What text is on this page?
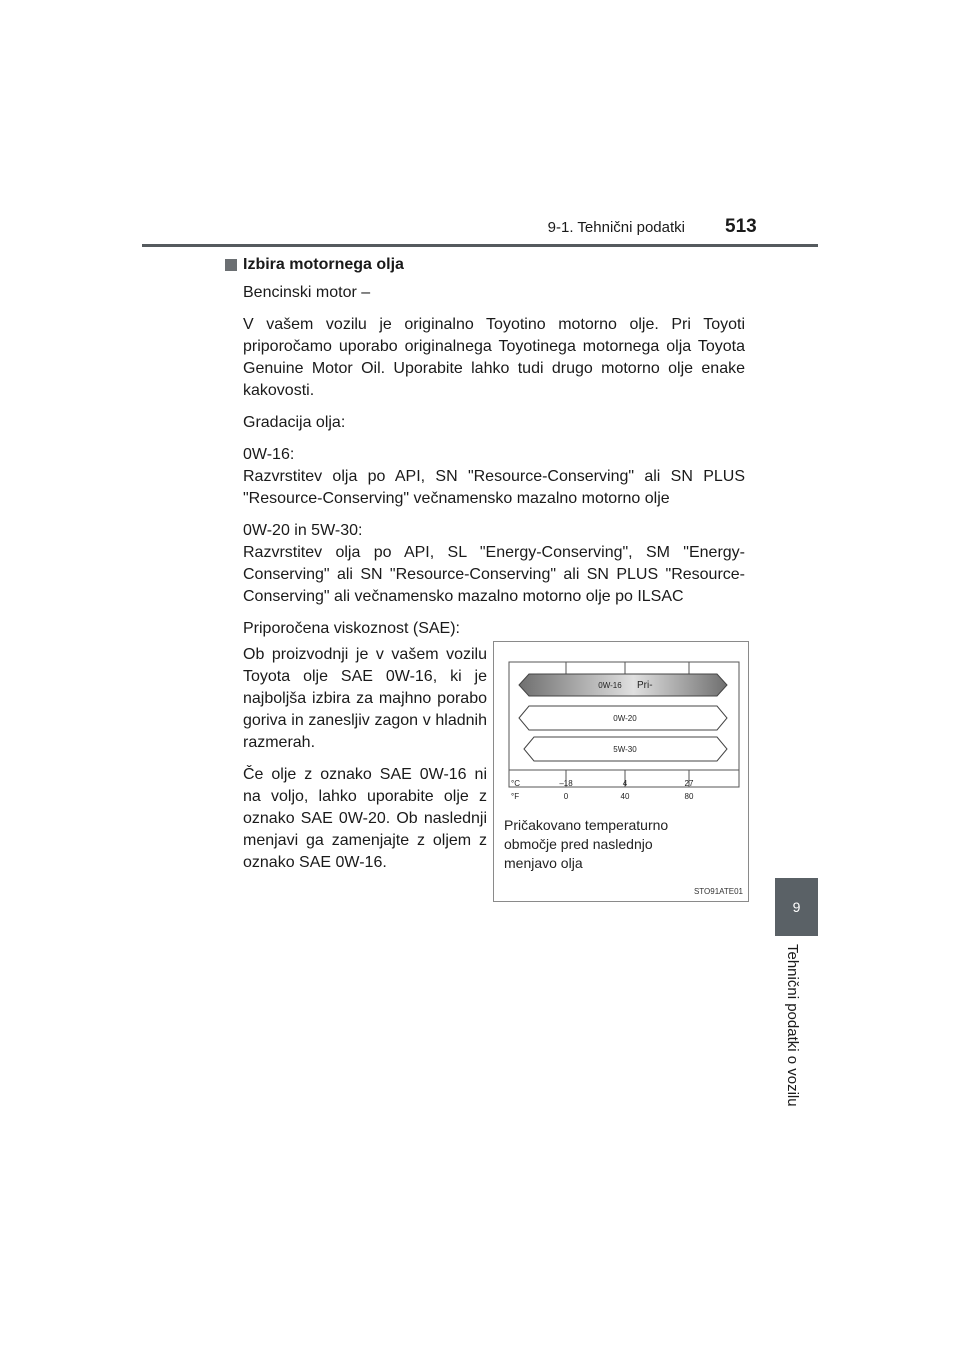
9-1. Tehnični podatki 513
9
Tehnični podatki o vozilu
Izbira motornega olja

Bencinski motor –

V vašem vozilu je originalno Toyotino motorno olje. Pri Toyoti priporočamo uporabo originalnega Toyotinega motornega olja Toyota Genuine Motor Oil. Uporabite lahko tudi drugo motorno olje enake kakovosti.

Gradacija olja:

0W-16:

Razvrstitev olja po API, SN "Resource-Conserving" ali SN PLUS "Resource-Conserving" večnamensko mazalno motorno olje

0W-20 in 5W-30:

Razvrstitev olja po API, SL "Energy-Conserving", SM "Energy-Conserving" ali SN "Resource-Conserving" ali SN PLUS "Resource-Conserving" ali večnamensko mazalno motorno olje po ILSAC

Priporočena viskoznost (SAE):

Ob proizvodnji je v vašem vozilu Toyota olje SAE 0W-16, ki je najboljša izbira za majhno porabo goriva in zanesljiv zagon v hladnih razmerah.

Če olje z oznako SAE 0W-16 ni na voljo, lahko uporabite olje z oznako SAE 0W-20. Ob naslednji menjavi ga zamenjajte z oljem z oznako SAE 0W-16.

0W-16 Pri-
0W-20
5W-30
°C	–18	4	27
°F	0	40	80
Pričakovano temperaturno
območje pred naslednjo
menjavo olja
STO91ATE01
